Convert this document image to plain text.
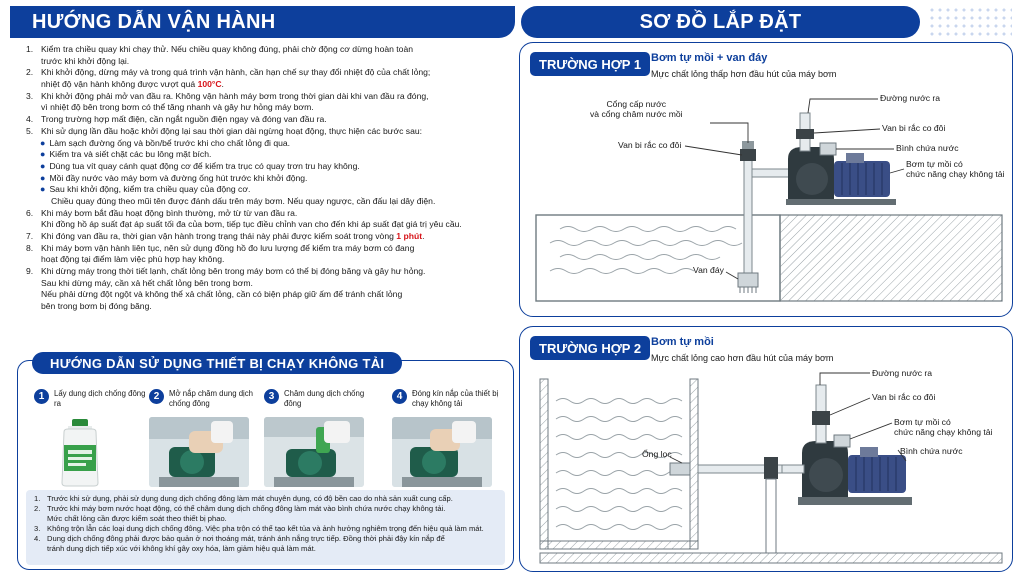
HƯỚNG DẪN VẬN HÀNH	SƠ ĐỒ LẮP ĐẶT
1. Kiểm tra chiều quay khi chạy thử. Nếu chiều quay không đúng, phải chờ động cơ dừng hoàn toàn
trước khi khởi động lại.
2. Khi khởi động, dừng máy và trong quá trình vận hành, cần hạn chế sự thay đổi nhiệt độ của chất lỏng;
nhiệt độ vận hành không được vượt quá 100°C.
3. Khi khởi động phải mở van đầu ra. Không vận hành máy bơm trong thời gian dài khi van đầu ra đóng,
vì nhiệt độ bên trong bơm có thể tăng nhanh và gây hư hỏng máy bơm.
4. Trong trường hợp mất điện, cần ngắt nguồn điện ngay và đóng van đầu ra.
5. Khi sử dụng lần đầu hoặc khởi động lại sau thời gian dài ngừng hoạt động, thực hiện các bước sau:
● Làm sạch đường ống và bồn/bể trước khi cho chất lỏng đi qua.
● Kiểm tra và siết chặt các bu lông mặt bích.
● Dùng tua vít quay cánh quạt động cơ để kiểm tra trục có quay trơn tru hay không.
● Mồi đầy nước vào máy bơm và đường ống hút trước khi khởi động.
● Sau khi khởi động, kiểm tra chiều quay của động cơ.
Chiều quay đúng theo mũi tên được đánh dấu trên máy bơm. Nếu quay ngược, cần đấu lại dây điện.
6. Khi máy bơm bắt đầu hoạt động bình thường, mở từ từ van đầu ra.
Khi đồng hồ áp suất đạt áp suất tối đa của bơm, tiếp tục điều chỉnh van cho đến khi áp suất đạt giá trị yêu cầu.
7. Khi đóng van đầu ra, thời gian vận hành trong trạng thái này phải được kiểm soát trong vòng 1 phút.
8. Khi máy bơm vận hành liên tục, nên sử dụng đồng hồ đo lưu lượng để kiểm tra máy bơm có đang
hoạt động tại điểm làm việc phù hợp hay không.
9. Khi dừng máy trong thời tiết lạnh, chất lỏng bên trong máy bơm có thể bị đóng băng và gây hư hỏng.
Sau khi dừng máy, cần xả hết chất lỏng bên trong bơm.
Nếu phải dừng đột ngột và không thể xả chất lỏng, cần có biện pháp giữ ấm để tránh chất lỏng
bên trong bơm bị đóng băng.
HƯỚNG DẪN SỬ DỤNG THIẾT BỊ CHẠY KHÔNG TẢI
1	Lấy dung dịch chống đông ra
2	Mở nắp chăm dung dịch chống đông
3	Châm dung dịch chống đông
4	Đóng kín nắp của thiết bị chạy không tải
1. Trước khi sử dụng, phải sử dụng dung dịch chống đông làm mát chuyên dụng, có độ bền cao do nhà sản xuất cung cấp.
2. Trước khi máy bơm nước hoạt động, có thể châm dung dịch chống đông làm mát vào bình chứa nước chạy không tải.
Mức chất lỏng cần được kiểm soát theo thiết bị phao.
3. Không trộn lẫn các loại dung dịch chống đông. Việc pha trộn có thể tạo kết tủa và ảnh hưởng nghiêm trọng đến hiệu quả làm mát.
4. Dung dịch chống đông phải được bảo quản ở nơi thoáng mát, tránh ánh nắng trực tiếp. Đồng thời phải đậy kín nắp để
tránh dung dịch tiếp xúc với không khí gây oxy hóa, làm giảm hiệu quả làm mát.
TRƯỜNG HỢP 1 Bơm tự mồi + van đáy
Mực chất lỏng thấp hơn đầu hút của máy bơm
Cổng cấp nước
và cổng châm nước mồi
Van bi rắc co đôi
Đường nước ra
Van bi rắc co đôi
Bình chứa nước
Bơm tự mồi có
chức năng chạy không tải
Van đáy
TRƯỜNG HỢP 2 Bơm tự mồi
Mực chất lỏng cao hơn đầu hút của máy bơm
Đường nước ra
Van bi rắc co đôi
Bơm tự mồi có
chức năng chạy không tải
Bình chứa nước
Ống lọc
